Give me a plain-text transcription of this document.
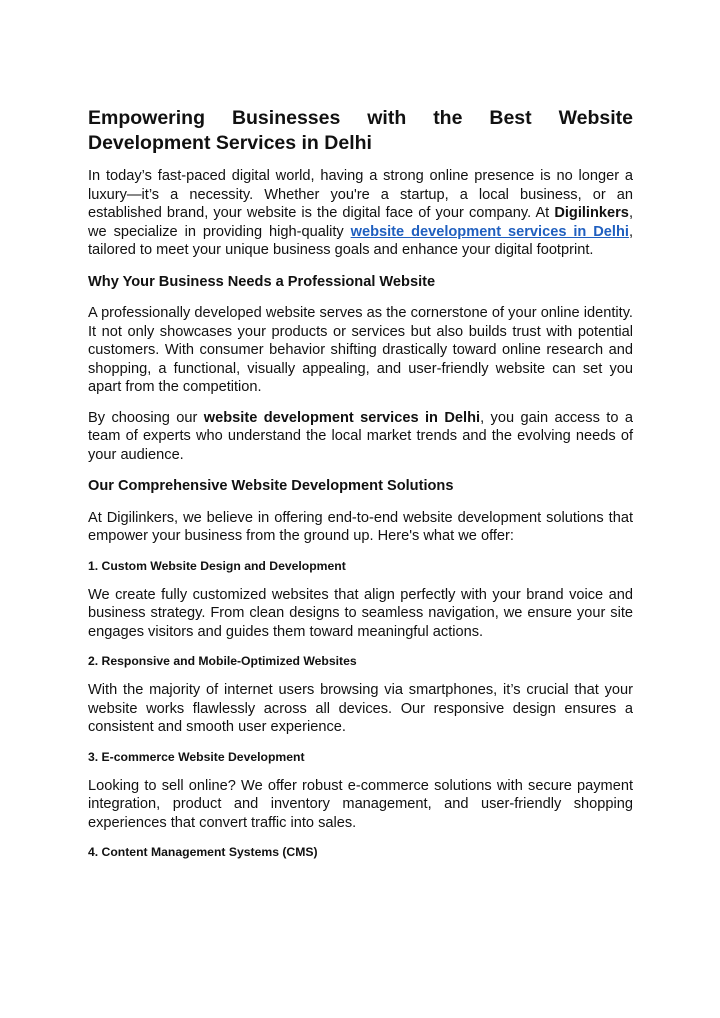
Empowering Businesses with the Best Website Development Services in Delhi

In today’s fast-paced digital world, having a strong online presence is no longer a luxury—it’s a necessity. Whether you're a startup, a local business, or an established brand, your website is the digital face of your company. At Digilinkers, we specialize in providing high-quality website development services in Delhi, tailored to meet your unique business goals and enhance your digital footprint.

Why Your Business Needs a Professional Website

A professionally developed website serves as the cornerstone of your online identity. It not only showcases your products or services but also builds trust with potential customers. With consumer behavior shifting drastically toward online research and shopping, a functional, visually appealing, and user-friendly website can set you apart from the competition.

By choosing our website development services in Delhi, you gain access to a team of experts who understand the local market trends and the evolving needs of your audience.

Our Comprehensive Website Development Solutions

At Digilinkers, we believe in offering end-to-end website development solutions that empower your business from the ground up. Here's what we offer:

1. Custom Website Design and Development

We create fully customized websites that align perfectly with your brand voice and business strategy. From clean designs to seamless navigation, we ensure your site engages visitors and guides them toward meaningful actions.

2. Responsive and Mobile-Optimized Websites

With the majority of internet users browsing via smartphones, it’s crucial that your website works flawlessly across all devices. Our responsive design ensures a consistent and smooth user experience.

3. E-commerce Website Development

Looking to sell online? We offer robust e-commerce solutions with secure payment integration, product and inventory management, and user-friendly shopping experiences that convert traffic into sales.

4. Content Management Systems (CMS)
